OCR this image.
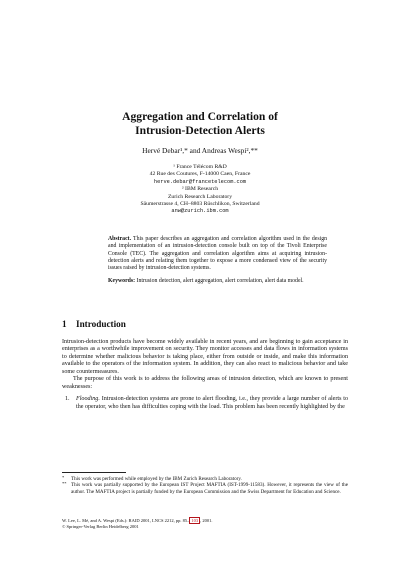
Aggregation and Correlation of
Intrusion-Detection Alerts
Hervé Debar¹,* and Andreas Wespi²,**
¹ France Télécom R&D
42 Rue des Coutures, F-14000 Caen, France
herve.debar@francetelecom.com
² IBM Research
Zurich Research Laboratory
Säumerstrasse 4, CH–8803 Rüschlikon, Switzerland
anw@zurich.ibm.com

Abstract. This paper describes an aggregation and correlation algorithm used in the design and implementation of an intrusion-detection console built on top of the Tivoli Enterprise Console (TEC). The aggregation and correlation algorithm aims at acquiring intrusion-detection alerts and relating them together to expose a more condensed view of the security issues raised by intrusion-detection systems.

Keywords: Intrusion detection, alert aggregation, alert correlation, alert data model.

1 Introduction

Intrusion-detection products have become widely available in recent years, and are beginning to gain acceptance in enterprises as a worthwhile improvement on security. They monitor accesses and data flows in information systems to determine whether malicious behavior is taking place, either from outside or inside, and make this information available to the operators of the information system. In addition, they can also react to malicious behavior and take some countermeasures.

The purpose of this work is to address the following areas of intrusion detection, which are known to present weaknesses:

1. Flooding. Intrusion-detection systems are prone to alert flooding, i.e., they provide a large number of alerts to the operator, who then has difficulties coping with the load. This problem has been recently highlighted by the
* This work was performed while employed by the IBM Zurich Research Laboratory.
** This work was partially supported by the European IST Project MAFTIA (IST-1999-11583). However, it represents the view of the author. The MAFTIA project is partially funded by the European Commission and the Swiss Department for Education and Science.
W. Lee, L. Mé, and A. Wespi (Eds.): RAID 2001, LNCS 2212, pp. 85– 103 , 2001.
© Springer-Verlag Berlin Heidelberg 2001
